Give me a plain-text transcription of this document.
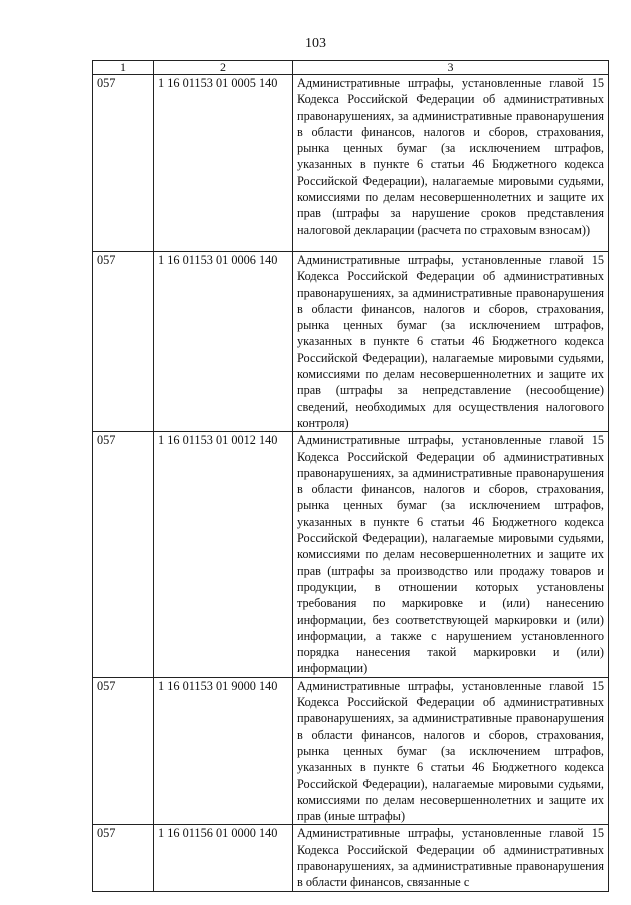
103
1	2	3
057	1 16 01153 01 0005 140	Административные штрафы, установленные главой 15 Кодекса Российской Федерации об административных правонарушениях, за административные правонарушения в области финансов, налогов и сборов, страхования, рынка ценных бумаг (за исключением штрафов, указанных в пункте 6 статьи 46 Бюджетного кодекса Российской Федерации), налагаемые мировыми судьями, комиссиями по делам несовершеннолетних и защите их прав (штрафы за нарушение сроков представления налоговой декларации (расчета по страховым взносам))
057	1 16 01153 01 0006 140	Административные штрафы, установленные главой 15 Кодекса Российской Федерации об административных правонарушениях, за административные правонарушения в области финансов, налогов и сборов, страхования, рынка ценных бумаг (за исключением штрафов, указанных в пункте 6 статьи 46 Бюджетного кодекса Российской Федерации), налагаемые мировыми судьями, комиссиями по делам несовершеннолетних и защите их прав (штрафы за непредставление (несообщение) сведений, необходимых для осуществления налогового контроля)
057	1 16 01153 01 0012 140	Административные штрафы, установленные главой 15 Кодекса Российской Федерации об административных правонарушениях, за административные правонарушения в области финансов, налогов и сборов, страхования, рынка ценных бумаг (за исключением штрафов, указанных в пункте 6 статьи 46 Бюджетного кодекса Российской Федерации), налагаемые мировыми судьями, комиссиями по делам несовершеннолетних и защите их прав (штрафы за производство или продажу товаров и продукции, в отношении которых установлены требования по маркировке и (или) нанесению информации, без соответствующей маркировки и (или) информации, а также с нарушением установленного порядка нанесения такой маркировки и (или) информации)
057	1 16 01153 01 9000 140	Административные штрафы, установленные главой 15 Кодекса Российской Федерации об административных правонарушениях, за административные правонарушения в области финансов, налогов и сборов, страхования, рынка ценных бумаг (за исключением штрафов, указанных в пункте 6 статьи 46 Бюджетного кодекса Российской Федерации), налагаемые мировыми судьями, комиссиями по делам несовершеннолетних и защите их прав (иные штрафы)
057	1 16 01156 01 0000 140	Административные штрафы, установленные главой 15 Кодекса Российской Федерации об административных правонарушениях, за административные правонарушения в области финансов, связанные с
